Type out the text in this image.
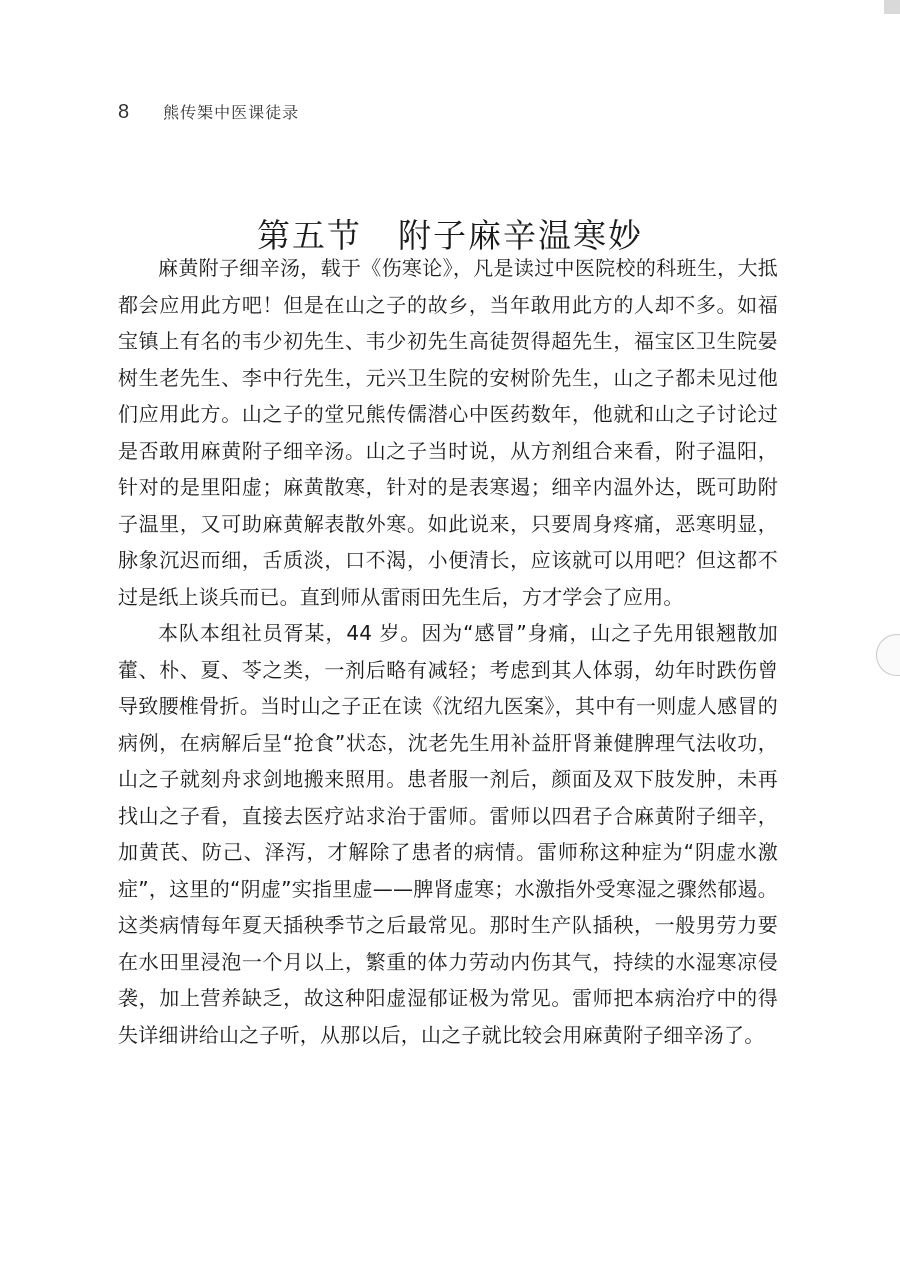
8 熊传榘中医课徒录
第五节 附子麻辛温寒妙

麻黄附子细辛汤，载于《伤寒论》，凡是读过中医院校的科班生，大抵都会应用此方吧！但是在山之子的故乡，当年敢用此方的人却不多。如福宝镇上有名的韦少初先生、韦少初先生高徒贺得超先生，福宝区卫生院晏树生老先生、李中行先生，元兴卫生院的安树阶先生，山之子都未见过他们应用此方。山之子的堂兄熊传儒潜心中医药数年，他就和山之子讨论过是否敢用麻黄附子细辛汤。山之子当时说，从方剂组合来看，附子温阳，针对的是里阳虚；麻黄散寒，针对的是表寒遏；细辛内温外达，既可助附子温里，又可助麻黄解表散外寒。如此说来，只要周身疼痛，恶寒明显，脉象沉迟而细，舌质淡，口不渴，小便清长，应该就可以用吧？但这都不过是纸上谈兵而已。直到师从雷雨田先生后，方才学会了应用。

本队本组社员胥某，44 岁。因为“感冒”身痛，山之子先用银翘散加藿、朴、夏、苓之类，一剂后略有减轻；考虑到其人体弱，幼年时跌伤曾导致腰椎骨折。当时山之子正在读《沈绍九医案》，其中有一则虚人感冒的病例，在病解后呈“抢食”状态，沈老先生用补益肝肾兼健脾理气法收功，山之子就刻舟求剑地搬来照用。患者服一剂后，颜面及双下肢发肿，未再找山之子看，直接去医疗站求治于雷师。雷师以四君子合麻黄附子细辛，加黄芪、防己、泽泻，才解除了患者的病情。雷师称这种症为“阴虚水激症”，这里的“阴虚”实指里虚——脾肾虚寒；水激指外受寒湿之骤然郁遏。这类病情每年夏天插秧季节之后最常见。那时生产队插秧，一般男劳力要在水田里浸泡一个月以上，繁重的体力劳动内伤其气，持续的水湿寒凉侵袭，加上营养缺乏，故这种阳虚湿郁证极为常见。雷师把本病治疗中的得失详细讲给山之子听，从那以后，山之子就比较会用麻黄附子细辛汤了。
